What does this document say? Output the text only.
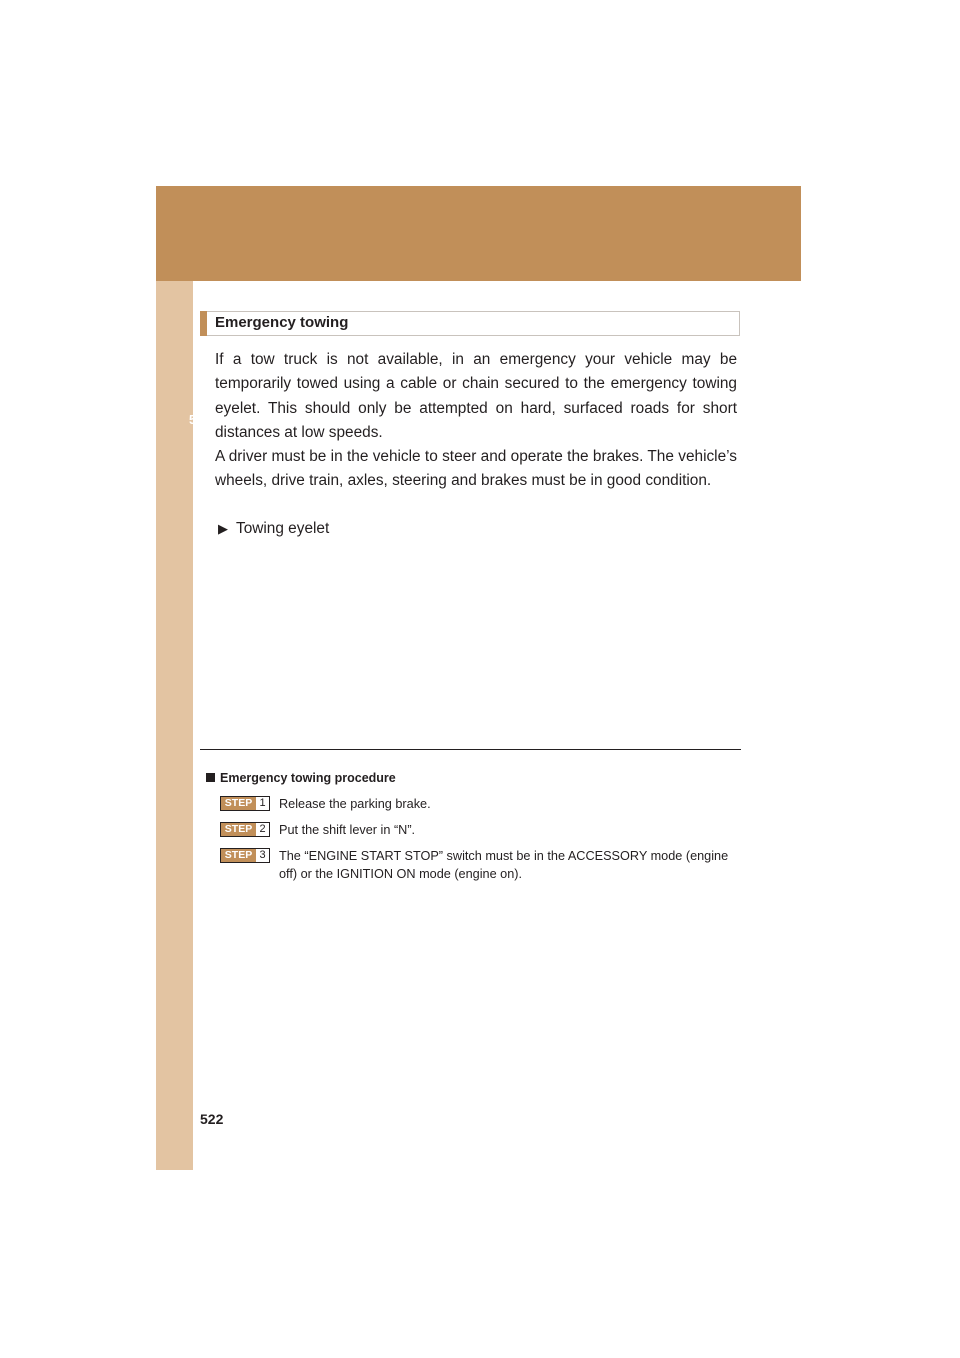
5-1. Essential information
Emergency towing
If a tow truck is not available, in an emergency your vehicle may be temporarily towed using a cable or chain secured to the emergency towing eyelet. This should only be attempted on hard, surfaced roads for short distances at low speeds.
A driver must be in the vehicle to steer and operate the brakes. The vehicle’s wheels, drive train, axles, steering and brakes must be in good condition.
▶ Towing eyelet
Emergency towing procedure
STEP 1 Release the parking brake.
STEP 2 Put the shift lever in “N”.
STEP 3 The “ENGINE START STOP” switch must be in the ACCESSORY mode (engine off) or the IGNITION ON mode (engine on).
522
